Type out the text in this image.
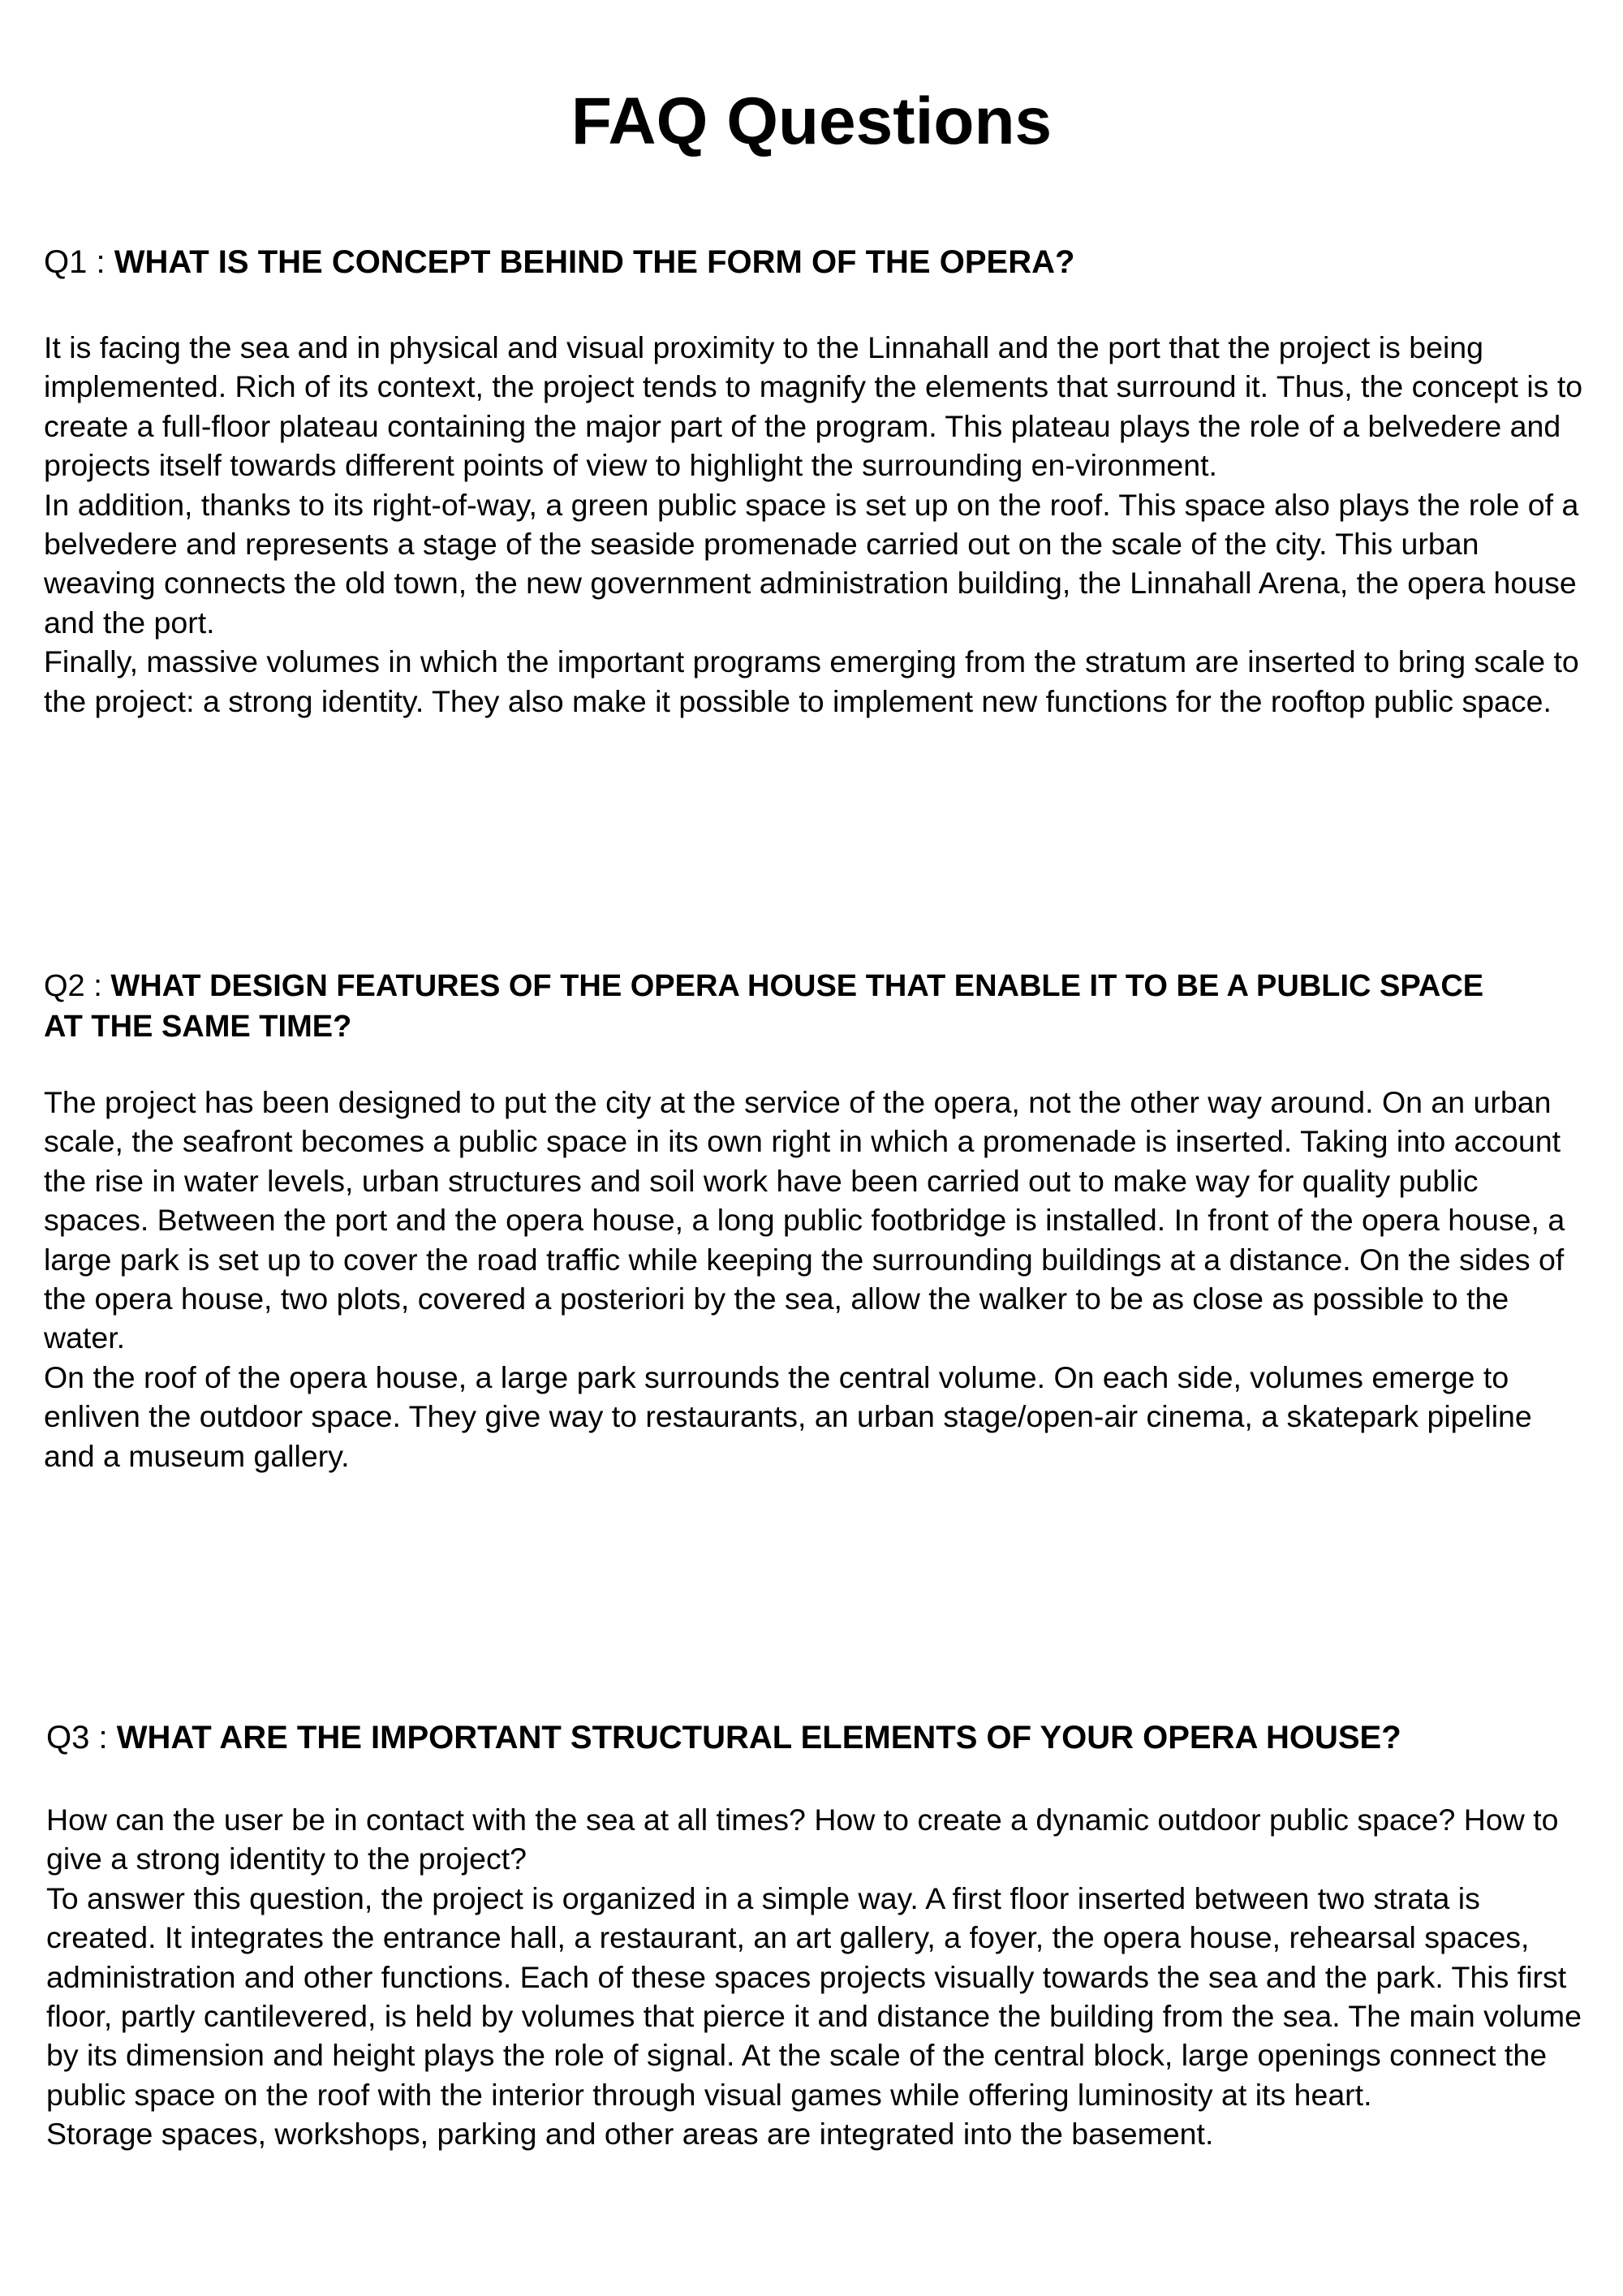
FAQ Questions
Q1 : WHAT IS THE CONCEPT BEHIND THE FORM OF THE OPERA?

It is facing the sea and in physical and visual proximity to the Linnahall and the port that the project is being implemented. Rich of its context, the project tends to magnify the elements that surround it. Thus, the concept is to create a full-floor plateau containing the major part of the program. This plateau plays the role of a belvedere and projects itself towards different points of view to highlight the surrounding en-vironment.

In addition, thanks to its right-of-way, a green public space is set up on the roof. This space also plays the role of a belvedere and represents a stage of the seaside promenade carried out on the scale of the city. This urban weaving connects the old town, the new government administration building, the Linnahall Arena, the opera house and the port.

Finally, massive volumes in which the important programs emerging from the stratum are inserted to bring scale to the project: a strong identity. They also make it possible to implement new functions for the rooftop public space.

Q2 : WHAT DESIGN FEATURES OF THE OPERA HOUSE THAT ENABLE IT TO BE A PUBLIC SPACE AT THE SAME TIME?

The project has been designed to put the city at the service of the opera, not the other way around. On an urban scale, the seafront becomes a public space in its own right in which a promenade is inserted. Taking into account the rise in water levels, urban structures and soil work have been carried out to make way for quality public spaces. Between the port and the opera house, a long public footbridge is installed. In front of the opera house, a large park is set up to cover the road traffic while keeping the surrounding buildings at a distance. On the sides of the opera house, two plots, covered a posteriori by the sea, allow the walker to be as close as possible to the water.

On the roof of the opera house, a large park surrounds the central volume. On each side, volumes emerge to enliven the outdoor space. They give way to restaurants, an urban stage/open-air cinema, a skatepark pipeline and a museum gallery.

Q3 : WHAT ARE THE IMPORTANT STRUCTURAL ELEMENTS OF YOUR OPERA HOUSE?

How can the user be in contact with the sea at all times? How to create a dynamic outdoor public space? How to give a strong identity to the project?

To answer this question, the project is organized in a simple way. A first floor inserted between two strata is created. It integrates the entrance hall, a restaurant, an art gallery, a foyer, the opera house, rehearsal spaces, administration and other functions. Each of these spaces projects visually towards the sea and the park. This first floor, partly cantilevered, is held by volumes that pierce it and distance the building from the sea. The main volume by its dimension and height plays the role of signal. At the scale of the central block, large openings connect the public space on the roof with the interior through visual games while offering luminosity at its heart.

Storage spaces, workshops, parking and other areas are integrated into the basement.
